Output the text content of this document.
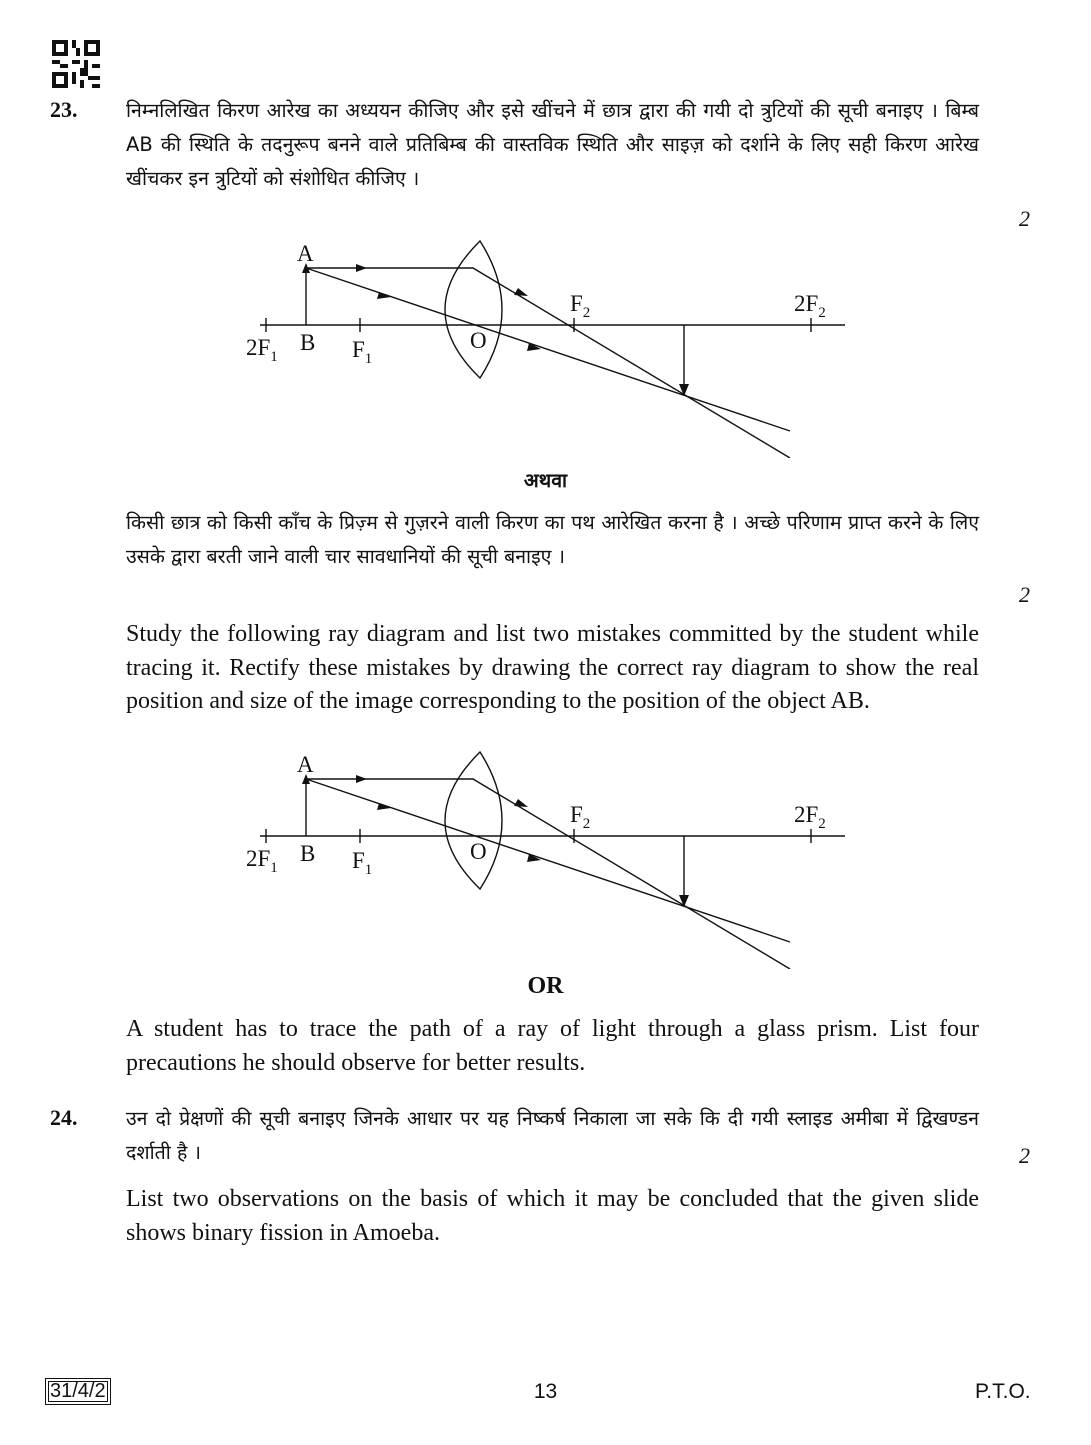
23. निम्नलिखित किरण आरेख का अध्ययन कीजिए और इसे खींचने में छात्र द्वारा की गयी दो त्रुटियों की सूची बनाइए । बिम्ब AB की स्थिति के तदनुरूप बनने वाले प्रतिबिम्ब की वास्तविक स्थिति और साइज़ को दर्शाने के लिए सही किरण आरेख खींचकर इन त्रुटियों को संशोधित कीजिए ।
2
A
B	O
$F_1$
$2F_1$
$F_2$	$2F_2$
अथवा
किसी छात्र को किसी काँच के प्रिज़्म से गुज़रने वाली किरण का पथ आरेखित करना है । अच्छे परिणाम प्राप्त करने के लिए उसके द्वारा बरती जाने वाली चार सावधानियों की सूची बनाइए ।
2
Study the following ray diagram and list two mistakes committed by the student while tracing it. Rectify these mistakes by drawing the correct ray diagram to show the real position and size of the image corresponding to the position of the object AB.
A
B	O
$F_1$
$2F_1$
$F_2$	$2F_2$
OR
A student has to trace the path of a ray of light through a glass prism. List four precautions he should observe for better results.
24. उन दो प्रेक्षणों की सूची बनाइए जिनके आधार पर यह निष्कर्ष निकाला जा सके कि दी गयी स्लाइड अमीबा में द्विखण्डन दर्शाती है ।	2
List two observations on the basis of which it may be concluded that the given slide shows binary fission in Amoeba.
31/4/2	13	P.T.O.
